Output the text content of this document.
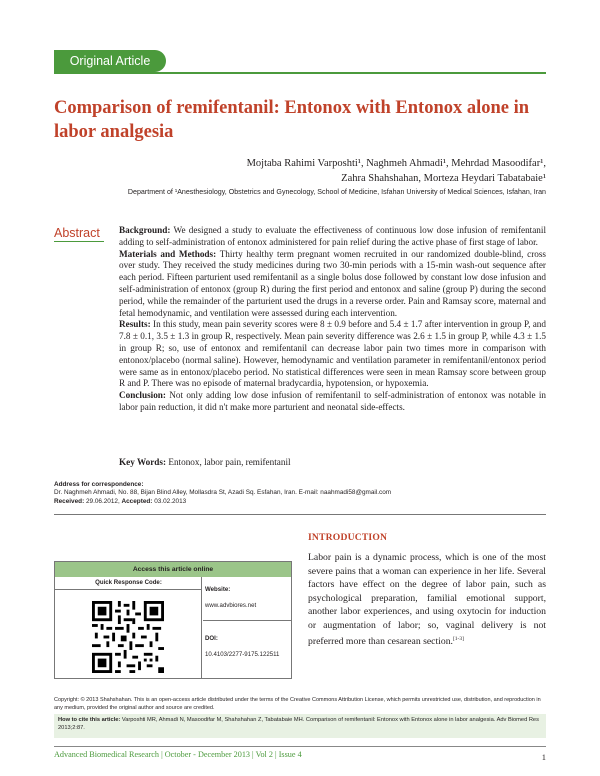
Original Article
Comparison of remifentanil: Entonox with Entonox alone in labor analgesia
Mojtaba Rahimi Varposhti¹, Naghmeh Ahmadi¹, Mehrdad Masoodifar¹,
Zahra Shahshahan, Morteza Heydari Tabatabaie¹
Department of ¹Anesthesiology, Obstetrics and Gynecology, School of Medicine, Isfahan University of Medical Sciences, Isfahan, Iran
Abstract Background: We designed a study to evaluate the effectiveness of continuous low dose infusion of remifentanil adding to self-administration of entonox administered for pain relief during the active phase of first stage of labor.

Materials and Methods: Thirty healthy term pregnant women recruited in our randomized double-blind, cross over study. They received the study medicines during two 30-min periods with a 15-min wash-out sequence after each period. Fifteen parturient used remifentanil as a single bolus dose followed by constant low dose infusion and self-administration of entonox (group R) during the first period and entonox and saline (group P) during the second period, while the remainder of the parturient used the drugs in a reverse order. Pain and Ramsay score, maternal and fetal hemodynamic, and ventilation were assessed during each intervention.

Results: In this study, mean pain severity scores were 8 ± 0.9 before and 5.4 ± 1.7 after intervention in group P, and 7.8 ± 0.1, 3.5 ± 1.3 in group R, respectively. Mean pain severity difference was 2.6 ± 1.5 in group P, while 4.3 ± 1.5 in group R; so, use of entonox and remifentanil can decrease labor pain two times more in comparison with entonox/placebo (normal saline). However, hemodynamic and ventilation parameter in remifentanil/entonox period were same as in entonox/placebo period. No statistical differences were seen in mean Ramsay score between group R and P. There was no episode of maternal bradycardia, hypotension, or hypoxemia.

Conclusion: Not only adding low dose infusion of remifentanil to self-administration of entonox was notable in labor pain reduction, it did n't make more parturient and neonatal side-effects.

Key Words: Entonox, labor pain, remifentanil
Address for correspondence:
Dr. Naghmeh Ahmadi, No. 88, Bijan Blind Alley, Mollasdra St, Azadi Sq. Esfahan, Iran. E-mail: naahmadi58@gmail.com
Received: 29.06.2012, Accepted: 03.02.2013
Access this article online
Quick Response Code:
Website:
www.advbiores.net
DOI:
10.4103/2277-9175.122511
INTRODUCTION
Labor pain is a dynamic process, which is one of the most severe pains that a woman can experience in her life. Several factors have effect on the degree of labor pain, such as psychological preparation, familial emotional support, another labor experiences, and using oxytocin for induction or augmentation of labor; so, vaginal delivery is not preferred more than cesarean section.[1-3]
Copyright: © 2013 Shahshahan. This is an open-access article distributed under the terms of the Creative Commons Attribution License, which permits unrestricted use, distribution, and reproduction in any medium, provided the original author and source are credited.
How to cite this article: Varposhti MR, Ahmadi N, Masoodifar M, Shahshahan Z, Tabatabaie MH. Comparison of remifentanil: Entonox with Entonox alone in labor analgesia. Adv Biomed Res 2013;2:87.
Advanced Biomedical Research | October - December 2013 | Vol 2 | Issue 4	1
